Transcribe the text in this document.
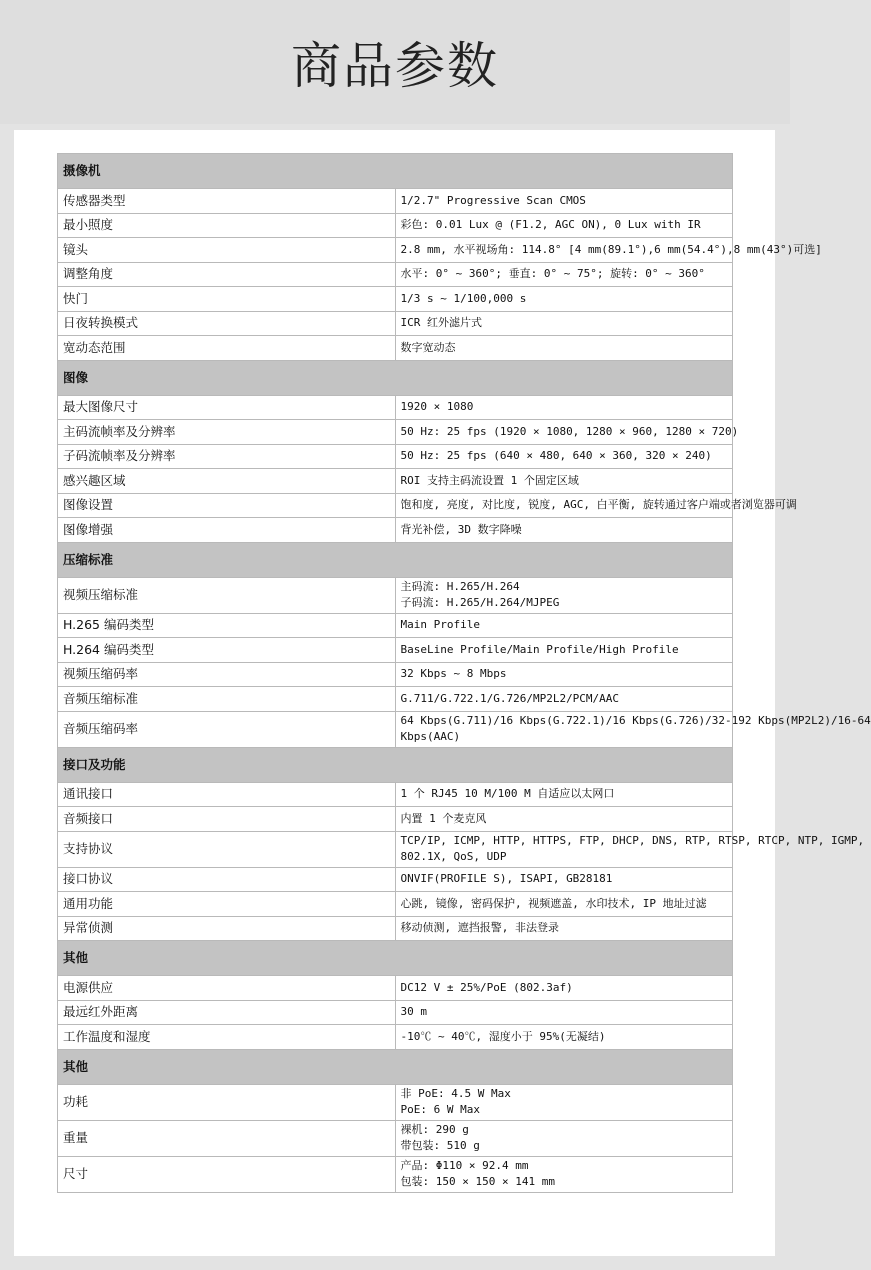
商品参数
摄像机	
传感器类型	1/2.7" Progressive Scan CMOS

最小照度	彩色: 0.01 Lux @ (F1.2, AGC ON), 0 Lux with IR

镜头	2.8 mm, 水平视场角: 114.8° [4 mm(89.1°),6 mm(54.4°),8 mm(43°)可选]

调整角度	水平: 0° ~ 360°; 垂直: 0° ~ 75°; 旋转: 0° ~ 360°

快门	1/3 s ~ 1/100,000 s

日夜转换模式	ICR 红外滤片式

宽动态范围	数字宽动态

图像	
最大图像尺寸	1920 × 1080

主码流帧率及分辨率	50 Hz: 25 fps (1920 × 1080, 1280 × 960, 1280 × 720)

子码流帧率及分辨率	50 Hz: 25 fps (640 × 480, 640 × 360, 320 × 240)

感兴趣区域	ROI 支持主码流设置 1 个固定区域

图像设置	饱和度, 亮度, 对比度, 锐度, AGC, 白平衡, 旋转通过客户端或者浏览器可调

图像增强	背光补偿, 3D 数字降噪

压缩标准	
视频压缩标准	主码流: H.265/H.264
子码流: H.265/H.264/MJPEG

H.265 编码类型	Main Profile

H.264 编码类型	BaseLine Profile/Main Profile/High Profile

视频压缩码率	32 Kbps ~ 8 Mbps

音频压缩标准	G.711/G.722.1/G.726/MP2L2/PCM/AAC

音频压缩码率	64 Kbps(G.711)/16 Kbps(G.722.1)/16 Kbps(G.726)/32-192 Kbps(MP2L2)/16-64
Kbps(AAC)

接口及功能	
通讯接口	1 个 RJ45 10 M/100 M 自适应以太网口

音频接口	内置 1 个麦克风

支持协议	TCP/IP, ICMP, HTTP, HTTPS, FTP, DHCP, DNS, RTP, RTSP, RTCP, NTP, IGMP,
802.1X, QoS, UDP

接口协议	ONVIF(PROFILE S), ISAPI, GB28181

通用功能	心跳, 镜像, 密码保护, 视频遮盖, 水印技术, IP 地址过滤

异常侦测	移动侦测, 遮挡报警, 非法登录

其他	
电源供应	DC12 V ± 25%/PoE (802.3af)

最远红外距离	30 m

工作温度和湿度	-10℃ ~ 40℃, 湿度小于 95%(无凝结)

其他	
功耗	非 PoE: 4.5 W Max
PoE: 6 W Max

重量	裸机: 290 g
带包装: 510 g

尺寸	产品: Φ110 × 92.4 mm
包装: 150 × 150 × 141 mm
